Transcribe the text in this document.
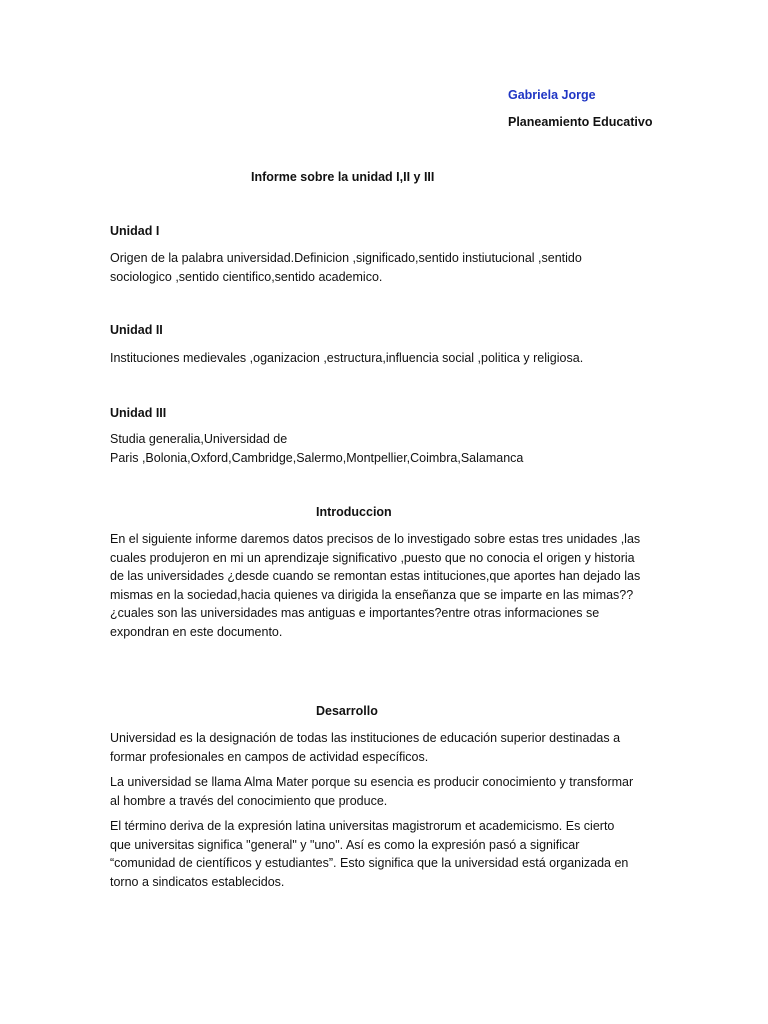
Gabriela Jorge
Planeamiento Educativo
Informe sobre la unidad I,II y III
Unidad I
Origen de la palabra universidad.Definicion ,significado,sentido instiutucional ,sentido
sociologico ,sentido cientifico,sentido academico.
Unidad II
Instituciones medievales ,oganizacion ,estructura,influencia social ,politica y religiosa.
Unidad III
Studia generalia,Universidad de
Paris ,Bolonia,Oxford,Cambridge,Salermo,Montpellier,Coimbra,Salamanca
Introduccion
En el siguiente informe daremos datos precisos de lo investigado sobre estas tres unidades ,las
cuales produjeron en mi un aprendizaje significativo ,puesto que no conocia el origen y historia
de las universidades ¿desde cuando se remontan estas intituciones,que aportes han dejado las
mismas en la sociedad,hacia quienes va dirigida la enseñanza que se imparte en las mimas??
¿cuales son las universidades mas antiguas e importantes?entre otras informaciones se
expondran en este documento.
Desarrollo
Universidad es la designación de todas las instituciones de educación superior destinadas a
formar profesionales en campos de actividad específicos.
La universidad se llama Alma Mater porque su esencia es producir conocimiento y transformar
al hombre a través del conocimiento que produce.
El término deriva de la expresión latina universitas magistrorum et academicismo. Es cierto
que universitas significa "general" y "uno". Así es como la expresión pasó a significar
“comunidad de científicos y estudiantes”. Esto significa que la universidad está organizada en
torno a sindicatos establecidos.
